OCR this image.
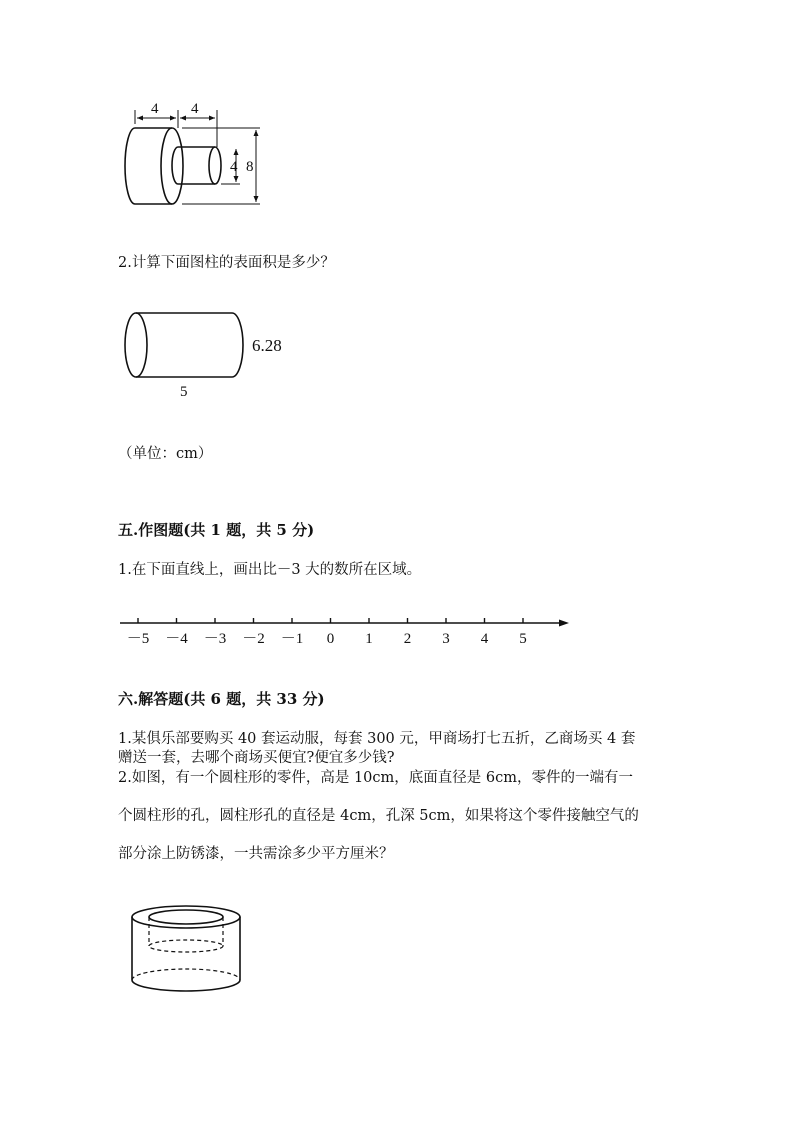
4 4
4 8
2.计算下面图柱的表面积是多少？
6.28
5
（单位：cm）
五.作图题(共 1 题，共 5 分)
1.在下面直线上，画出比－3 大的数所在区域。
－5 －4 －3 －2 －1 0 1 2 3 4 5
六.解答题(共 6 题，共 33 分)
1.某俱乐部要购买 40 套运动服，每套 300 元，甲商场打七五折，乙商场买 4 套
赠送一套，去哪个商场买便宜?便宜多少钱?
2.如图，有一个圆柱形的零件，高是 10cm，底面直径是 6cm，零件的一端有一
个圆柱形的孔，圆柱形孔的直径是 4cm，孔深 5cm，如果将这个零件接触空气的
部分涂上防锈漆，一共需涂多少平方厘米？
